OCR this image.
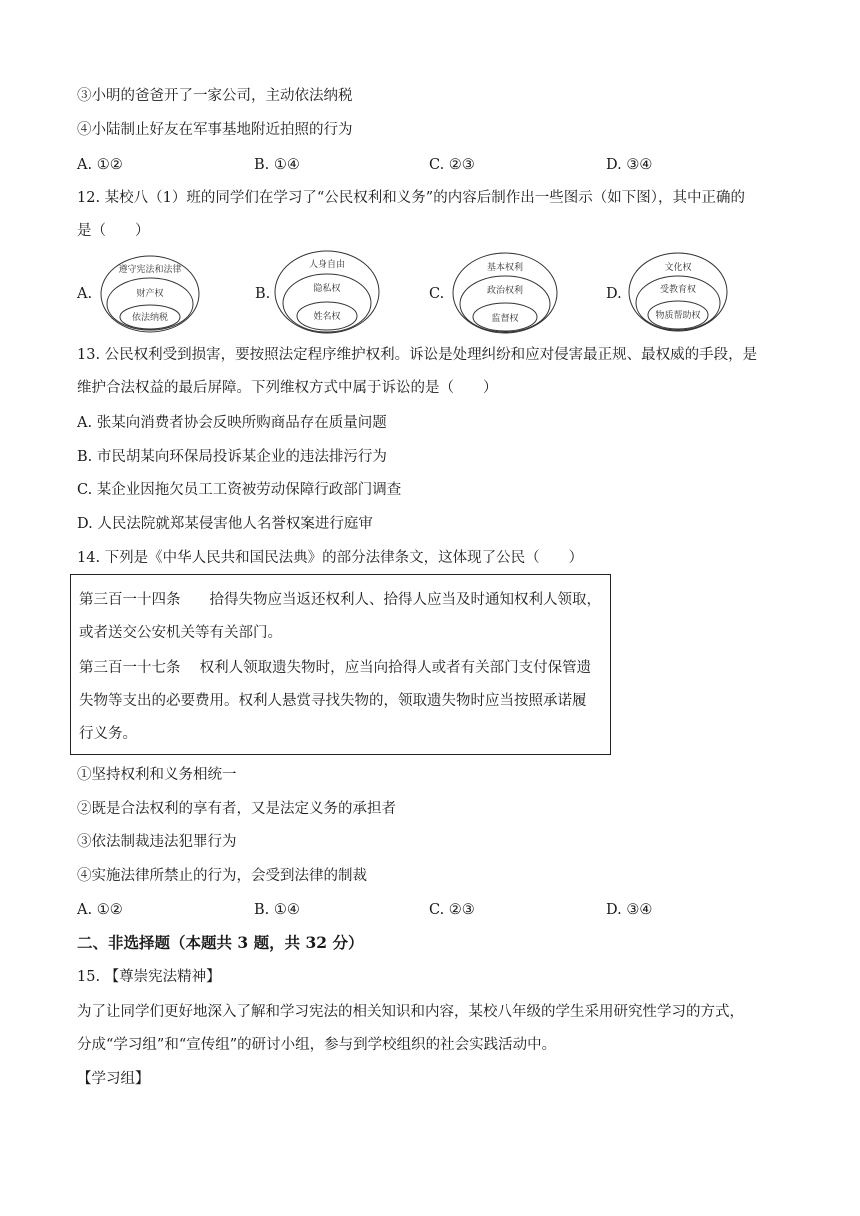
③小明的爸爸开了一家公司，主动依法纳税
④小陆制止好友在军事基地附近拍照的行为
A. ①②	B. ①④	C. ②③	D. ③④
12. 某校八（1）班的同学们在学习了“公民权利和义务”的内容后制作出一些图示（如下图），其中正确的
是（　　）
A.
遵守宪法和法律
财产权
依法纳税
B.
人身自由
隐私权
姓名权
C.
基本权利
政治权利
监督权
D.
文化权
受教育权
物质帮助权
13. 公民权利受到损害，要按照法定程序维护权利。诉讼是处理纠纷和应对侵害最正规、最权威的手段，是
维护合法权益的最后屏障。下列维权方式中属于诉讼的是（　　）
A. 张某向消费者协会反映所购商品存在质量问题
B. 市民胡某向环保局投诉某企业的违法排污行为
C. 某企业因拖欠员工工资被劳动保障行政部门调查
D. 人民法院就郑某侵害他人名誉权案进行庭审
14. 下列是《中华人民共和国民法典》的部分法律条文，这体现了公民（　　）
第三百一十四条　　拾得失物应当返还权利人、拾得人应当及时通知权利人领取，
或者送交公安机关等有关部门。
第三百一十七条　 权利人领取遗失物时，应当向拾得人或者有关部门支付保管遗
失物等支出的必要费用。权利人悬赏寻找失物的，领取遗失物时应当按照承诺履
行义务。
①坚持权利和义务相统一
②既是合法权利的享有者，又是法定义务的承担者
③依法制裁违法犯罪行为
④实施法律所禁止的行为，会受到法律的制裁
A. ①②	B. ①④	C. ②③	D. ③④
二、非选择题（本题共 3 题，共 32 分）
15. 【尊崇宪法精神】
为了让同学们更好地深入了解和学习宪法的相关知识和内容，某校八年级的学生采用研究性学习的方式，
分成“学习组”和“宣传组”的研讨小组，参与到学校组织的社会实践活动中。
【学习组】
